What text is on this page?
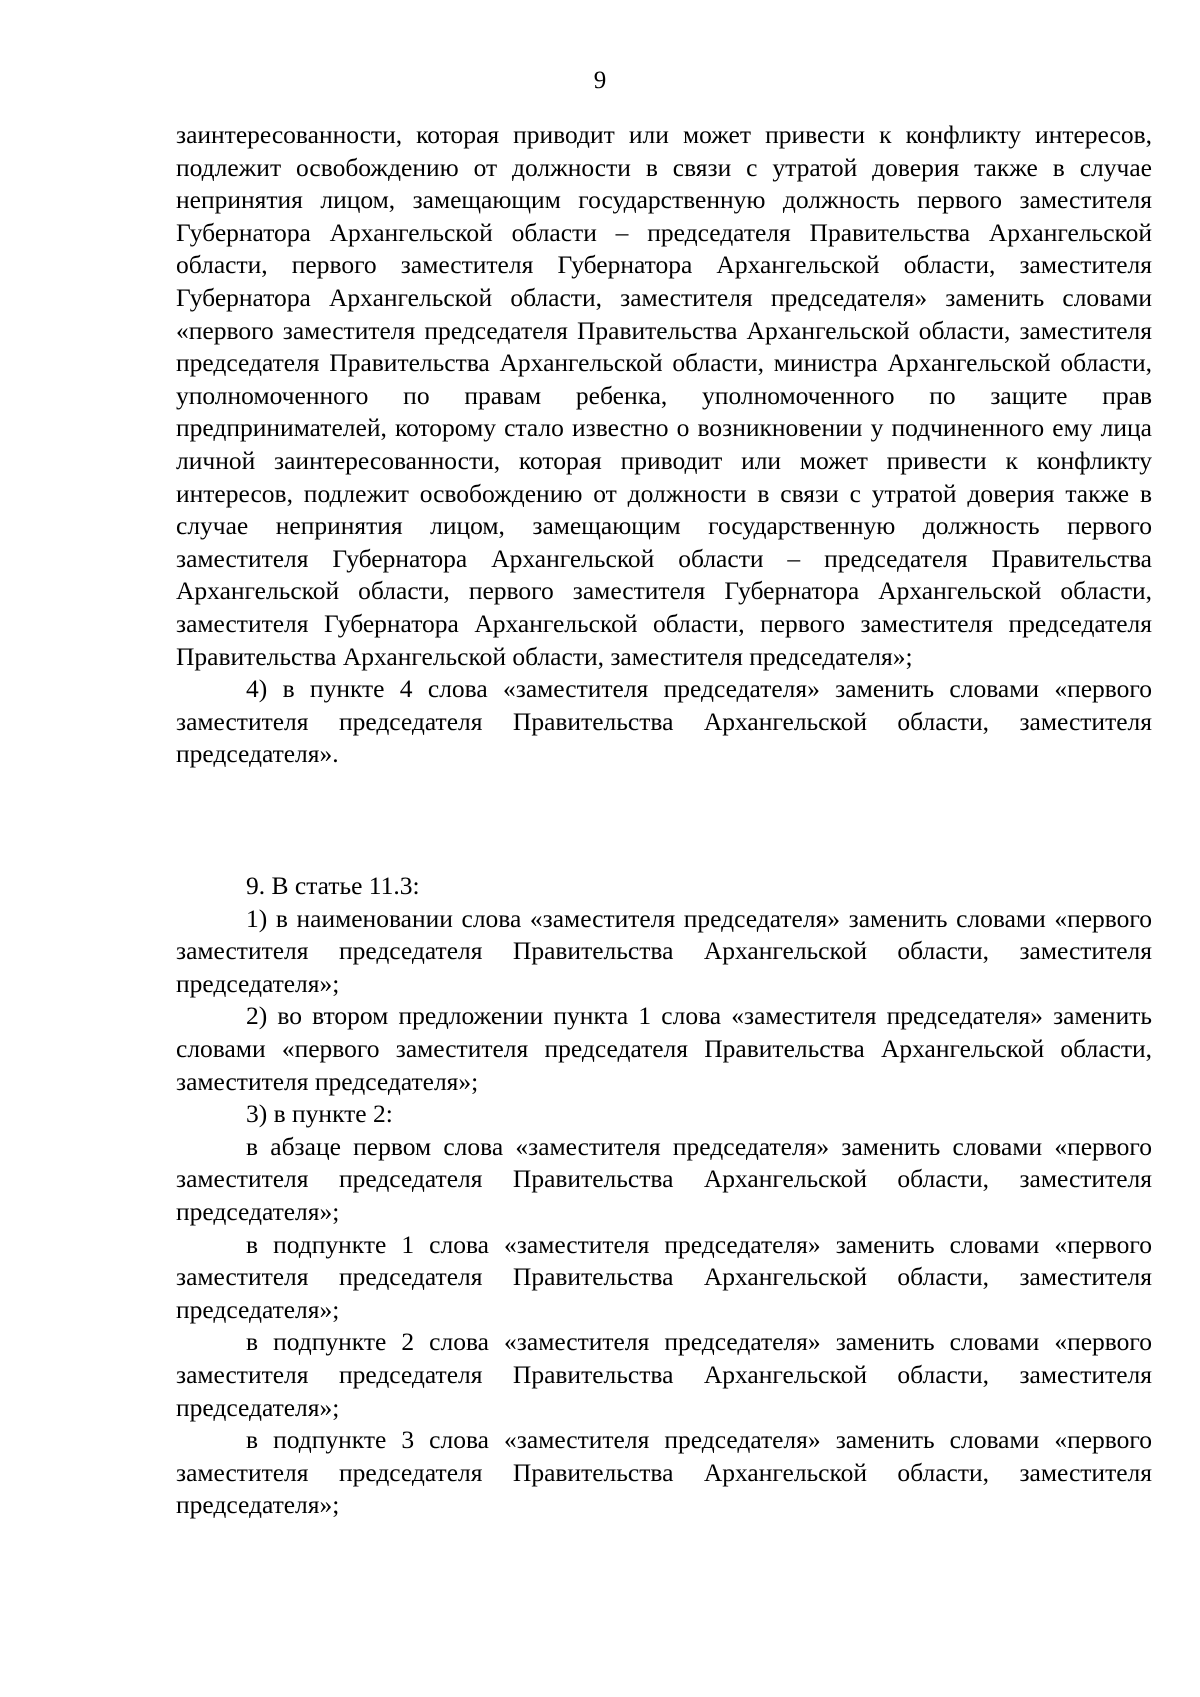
9

заинтересованности, которая приводит или может привести к конфликту интересов, подлежит освобождению от должности в связи с утратой доверия также в случае непринятия лицом, замещающим государственную должность первого заместителя Губернатора Архангельской области – председателя Правительства Архангельской области, первого заместителя Губернатора Архангельской области, заместителя Губернатора Архангельской области, заместителя председателя» заменить словами «первого заместителя председателя Правительства Архангельской области, заместителя председателя Правительства Архангельской области, министра Архангельской области, уполномоченного по правам ребенка, уполномоченного по защите прав предпринимателей, которому стало известно о возникновении у подчиненного ему лица личной заинтересованности, которая приводит или может привести к конфликту интересов, подлежит освобождению от должности в связи с утратой доверия также в случае непринятия лицом, замещающим государственную должность первого заместителя Губернатора Архангельской области – председателя Правительства Архангельской области, первого заместителя Губернатора Архангельской области, заместителя Губернатора Архангельской области, первого заместителя председателя Правительства Архангельской области, заместителя председателя»;

4) в пункте 4 слова «заместителя председателя» заменить словами «первого заместителя председателя Правительства Архангельской области, заместителя председателя».

9. В статье 11.3:

1) в наименовании слова «заместителя председателя» заменить словами «первого заместителя председателя Правительства Архангельской области, заместителя председателя»;

2) во втором предложении пункта 1 слова «заместителя председателя» заменить словами «первого заместителя председателя Правительства Архангельской области, заместителя председателя»;

3) в пункте 2:

в абзаце первом слова «заместителя председателя» заменить словами «первого заместителя председателя Правительства Архангельской области, заместителя председателя»;

в подпункте 1 слова «заместителя председателя» заменить словами «первого заместителя председателя Правительства Архангельской области, заместителя председателя»;

в подпункте 2 слова «заместителя председателя» заменить словами «первого заместителя председателя Правительства Архангельской области, заместителя председателя»;

в подпункте 3 слова «заместителя председателя» заменить словами «первого заместителя председателя Правительства Архангельской области, заместителя председателя»;
